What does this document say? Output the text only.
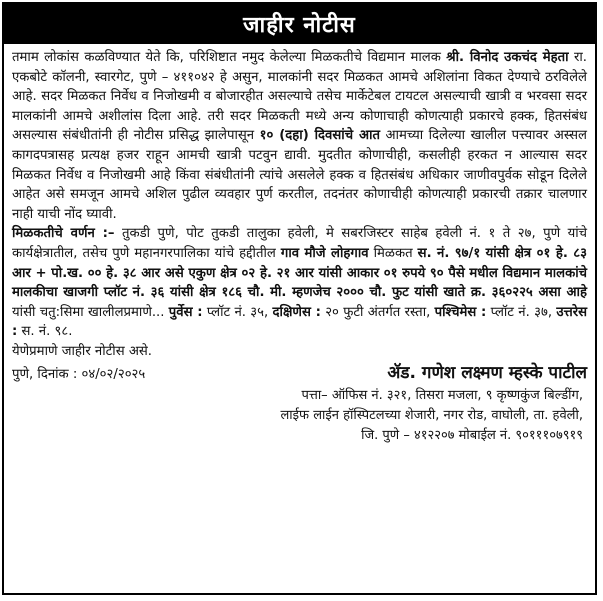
जाहीर नोटीस

तमाम लोकांस कळविण्यात येते कि, परिशिष्टात नमुद केलेल्या मिळकतीचे विद्यमान मालक श्री. विनोद उकचंद मेहता रा. एकबोटे कॉलनी, स्वारगेट, पुणे – ४११०४२ हे असुन, मालकांनी सदर मिळकत आमचे अशिलांना विकत देण्याचे ठरविलेले आहे. सदर मिळकत निर्वेध व निजोखमी व बोजारहीत असल्याचे तसेच मार्केटेबल टायटल असल्याची खात्री व भरवसा सदर मालकांनी आमचे अशीलांस दिला आहे. तरी सदर मिळकती मध्ये अन्य कोणाचाही कोणत्याही प्रकारचे हक्क, हितसंबंध असल्यास संबंधीतांनी ही नोटीस प्रसिद्ध झालेपासून १० (दहा) दिवसांचे आत आमच्या दिलेल्या खालील पत्त्यावर अस्सल कागदपत्रासह प्रत्यक्ष हजर राहून आमची खात्री पटवुन द्यावी. मुदतीत कोणाचीही, कसलीही हरकत न आल्यास सदर मिळकत निर्वेध व निजोखमी आहे किंवा संबंधीतांनी त्यांचे असलेले हक्क व हितसंबंध अधिकार जाणीवपुर्वक सोडून दिलेले आहेत असे समजून आमचे अशिल पुढील व्यवहार पुर्ण करतील, तदनंतर कोणाचीही कोणत्याही प्रकारची तक्रार चालणार नाही याची नोंद घ्यावी.

मिळकतीचे वर्णन :– तुकडी पुणे, पोट तुकडी तालुका हवेली, मे सबरजिस्टर साहेब हवेली नं. १ ते २७, पुणे यांचे कार्यक्षेत्रातील, तसेच पुणे महानगरपालिका यांचे हद्दीतील गाव मौजे लोहगाव मिळकत स. नं. ९७/१ यांसी क्षेत्र ०१ हे. ८३ आर + पो.ख. ०० हे. ३८ आर असे एकुण क्षेत्र ०२ हे. २१ आर यांसी आकार ०१ रुपये ९० पैसे मधील विद्यमान मालकांचे मालकीचा खाजगी प्लॉट नं. ३६ यांसी क्षेत्र १८६ चौ. मी. म्हणजेच २००० चौ. फुट यांसी खाते क्र. ३६०२२५ असा आहे यांसी चतु:सिमा खालीलप्रमाणे... पुर्वेस : प्लॉट नं. ३५, दक्षिणेस : २० फुटी अंतर्गत रस्ता, पश्चिमेस : प्लॉट नं. ३७, उत्तरेस : स. नं. ९८.

येणेप्रमाणे जाहीर नोटीस असे.

पुणे, दिनांक : ०४/०२/२०२५	ॲड. गणेश लक्ष्मण म्हस्के पाटील
पत्ता– ऑफिस नं. ३२१, तिसरा मजला, ९ कृष्णकुंज बिल्डींग,
लाईफ लाईन हॉस्पिटलच्या शेजारी, नगर रोड, वाघोली, ता. हवेली,
जि. पुणे – ४१२२०७ मोबाईल नं. ९०१११०७९१९
